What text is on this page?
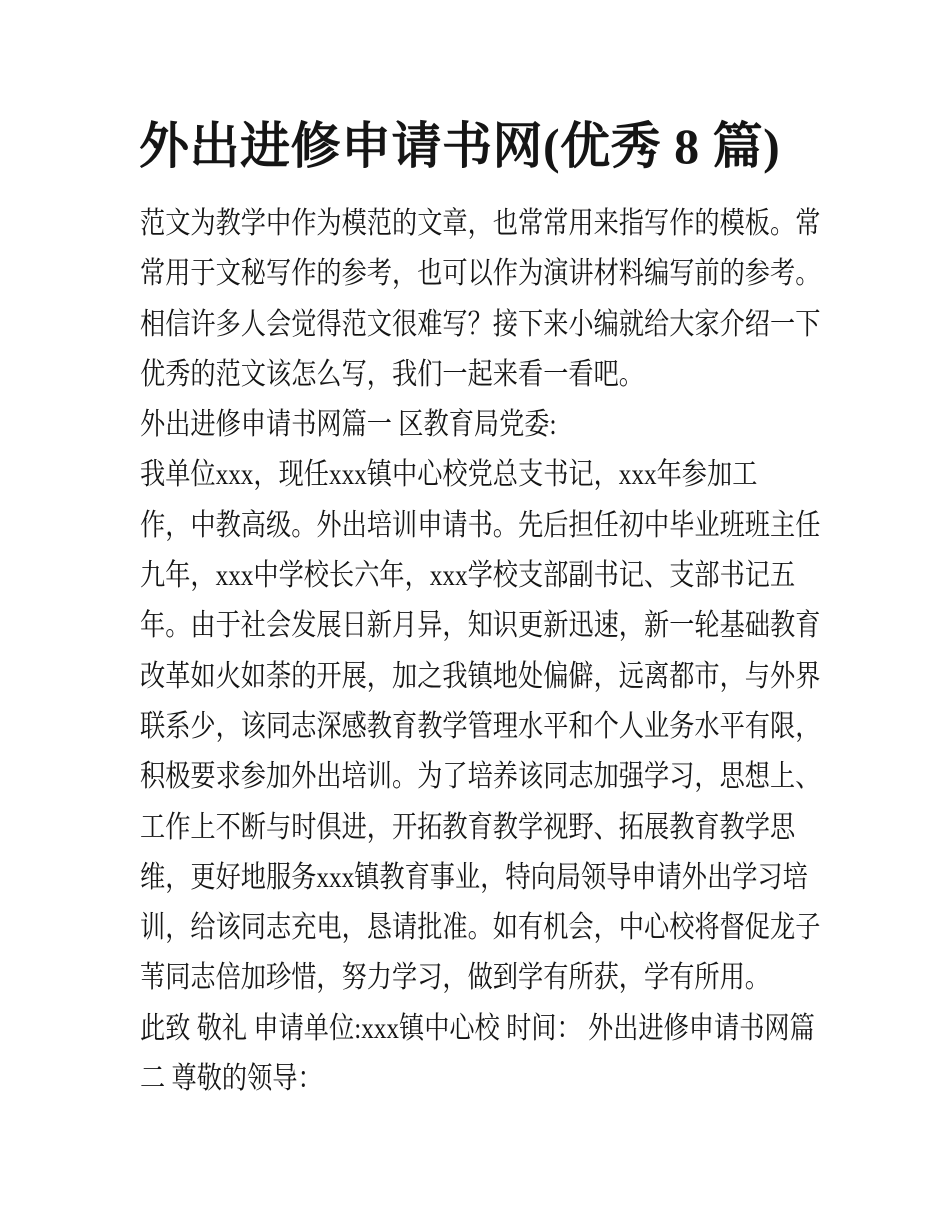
外出进修申请书网(优秀 8 篇)
范文为教学中作为模范的文章，也常常用来指写作的模板。常
常用于文秘写作的参考，也可以作为演讲材料编写前的参考。
相信许多人会觉得范文很难写？接下来小编就给大家介绍一下
优秀的范文该怎么写，我们一起来看一看吧。
外出进修申请书网篇一 区教育局党委:
我单位xxx，现任xxx镇中心校党总支书记，xxx年参加工
作，中教高级。外出培训申请书。先后担任初中毕业班班主任
九年，xxx中学校长六年，xxx学校支部副书记、支部书记五
年。由于社会发展日新月异，知识更新迅速，新一轮基础教育
改革如火如荼的开展，加之我镇地处偏僻，远离都市，与外界
联系少，该同志深感教育教学管理水平和个人业务水平有限，
积极要求参加外出培训。为了培养该同志加强学习，思想上、
工作上不断与时俱进，开拓教育教学视野、拓展教育教学思
维，更好地服务xxx镇教育事业，特向局领导申请外出学习培
训，给该同志充电，恳请批准。如有机会，中心校将督促龙子
苇同志倍加珍惜，努力学习，做到学有所获，学有所用。
此致 敬礼 申请单位:xxx镇中心校 时间： 外出进修申请书网篇
二 尊敬的领导：
